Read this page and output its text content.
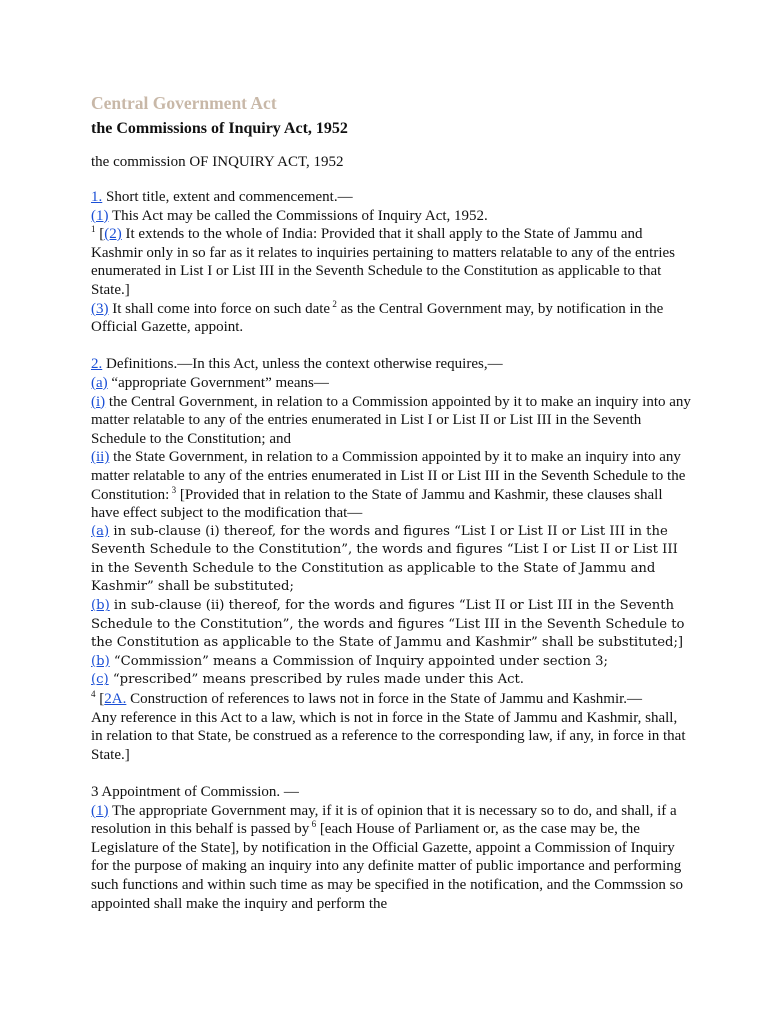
Central Government Act
the Commissions of Inquiry Act, 1952
the commission OF INQUIRY ACT, 1952

1. Short title, extent and commencement.—

(1) This Act may be called the Commissions of Inquiry Act, 1952.

$^1$ [(2) It extends to the whole of India: Provided that it shall apply to the State of Jammu and Kashmir only in so far as it relates to inquiries pertaining to matters relatable to any of the entries enumerated in List I or List III in the Seventh Schedule to the Constitution as applicable to that State.]

(3) It shall come into force on such date $^2$ as the Central Government may, by notification in the Official Gazette, appoint.

2. Definitions.—In this Act, unless the context otherwise requires,—

(a) “appropriate Government” means—

(i) the Central Government, in relation to a Commission appointed by it to make an inquiry into any matter relatable to any of the entries enumerated in List I or List II or List III in the Seventh Schedule to the Constitution; and

(ii) the State Government, in relation to a Commission appointed by it to make an inquiry into any matter relatable to any of the entries enumerated in List II or List III in the Seventh Schedule to the Constitution: $^3$ [Provided that in relation to the State of Jammu and Kashmir, these clauses shall have effect subject to the modification that—

(a) in sub-clause (i) thereof, for the words and figures “List I or List II or List III in the Seventh Schedule to the Constitution”, the words and figures “List I or List II or List III in the Seventh Schedule to the Constitution as applicable to the State of Jammu and Kashmir” shall be substituted;

(b) in sub-clause (ii) thereof, for the words and figures “List II or List III in the Seventh Schedule to the Constitution”, the words and figures “List III in the Seventh Schedule to the Constitution as applicable to the State of Jammu and Kashmir” shall be substituted;]

(b) “Commission” means a Commission of Inquiry appointed under section 3;

(c) “prescribed” means prescribed by rules made under this Act.

$^4$ [2A. Construction of references to laws not in force in the State of Jammu and Kashmir.—

Any reference in this Act to a law, which is not in force in the State of Jammu and Kashmir, shall, in relation to that State, be construed as a reference to the corresponding law, if any, in force in that State.]

3 Appointment of Commission. —

(1) The appropriate Government may, if it is of opinion that it is necessary so to do, and shall, if a resolution in this behalf is passed by $^6$ [each House of Parliament or, as the case may be, the Legislature of the State], by notification in the Official Gazette, appoint a Commission of Inquiry for the purpose of making an inquiry into any definite matter of public importance and performing such functions and within such time as may be specified in the notification, and the Commssion so appointed shall make the inquiry and perform the
